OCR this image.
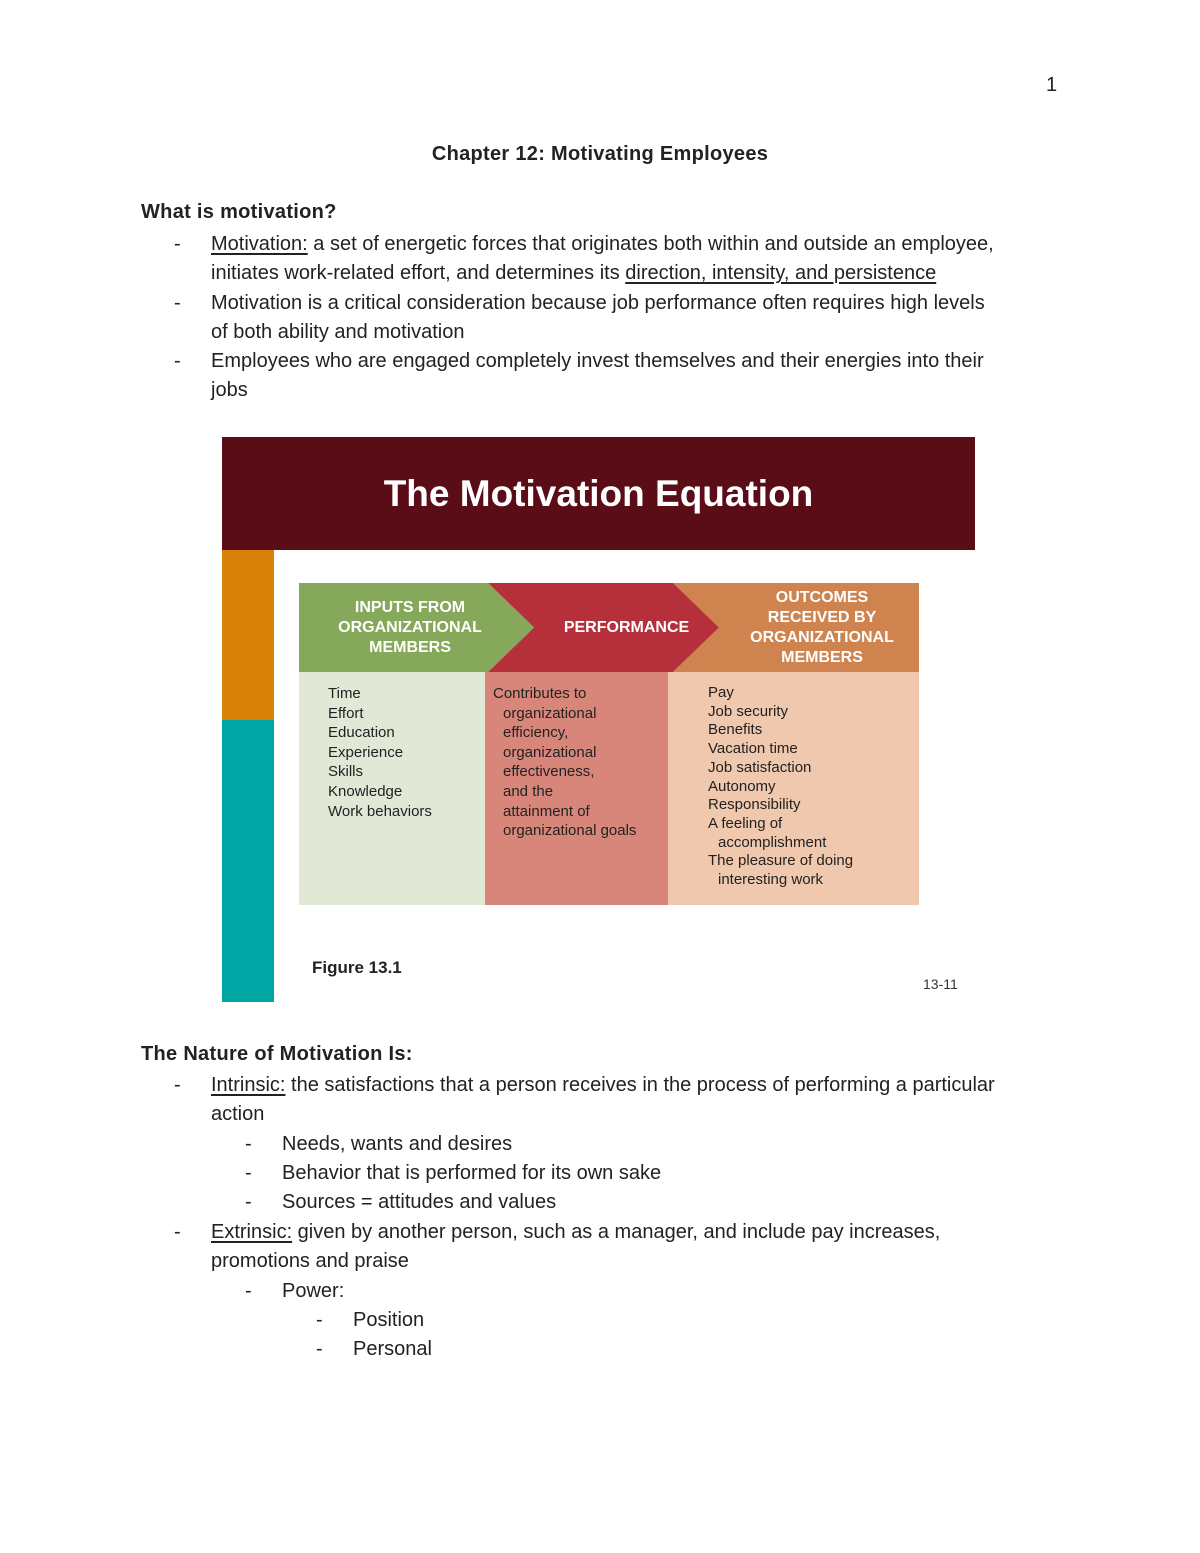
1
Chapter 12: Motivating Employees
What is motivation?
- Motivation: a set of energetic forces that originates both within and outside an employee,
initiates work-related effort, and determines its direction, intensity, and persistence
- Motivation is a critical consideration because job performance often requires high levels
of both ability and motivation
- Employees who are engaged completely invest themselves and their energies into their
jobs
The Motivation Equation
INPUTS FROM
ORGANIZATIONAL
MEMBERS
PERFORMANCE
OUTCOMES
RECEIVED BY
ORGANIZATIONAL
MEMBERS
Time
Effort
Education
Experience
Skills
Knowledge
Work behaviors
Contributes to
organizational
efficiency,
organizational
effectiveness,
and the
attainment of
organizational goals
Pay
Job security
Benefits
Vacation time
Job satisfaction
Autonomy
Responsibility
A feeling of
accomplishment
The pleasure of doing
interesting work
Figure 13.1
13-11
The Nature of Motivation Is:
- Intrinsic: the satisfactions that a person receives in the process of performing a particular
action
- Needs, wants and desires
- Behavior that is performed for its own sake
- Sources = attitudes and values
- Extrinsic: given by another person, such as a manager, and include pay increases,
promotions and praise
- Power:
- Position
- Personal
